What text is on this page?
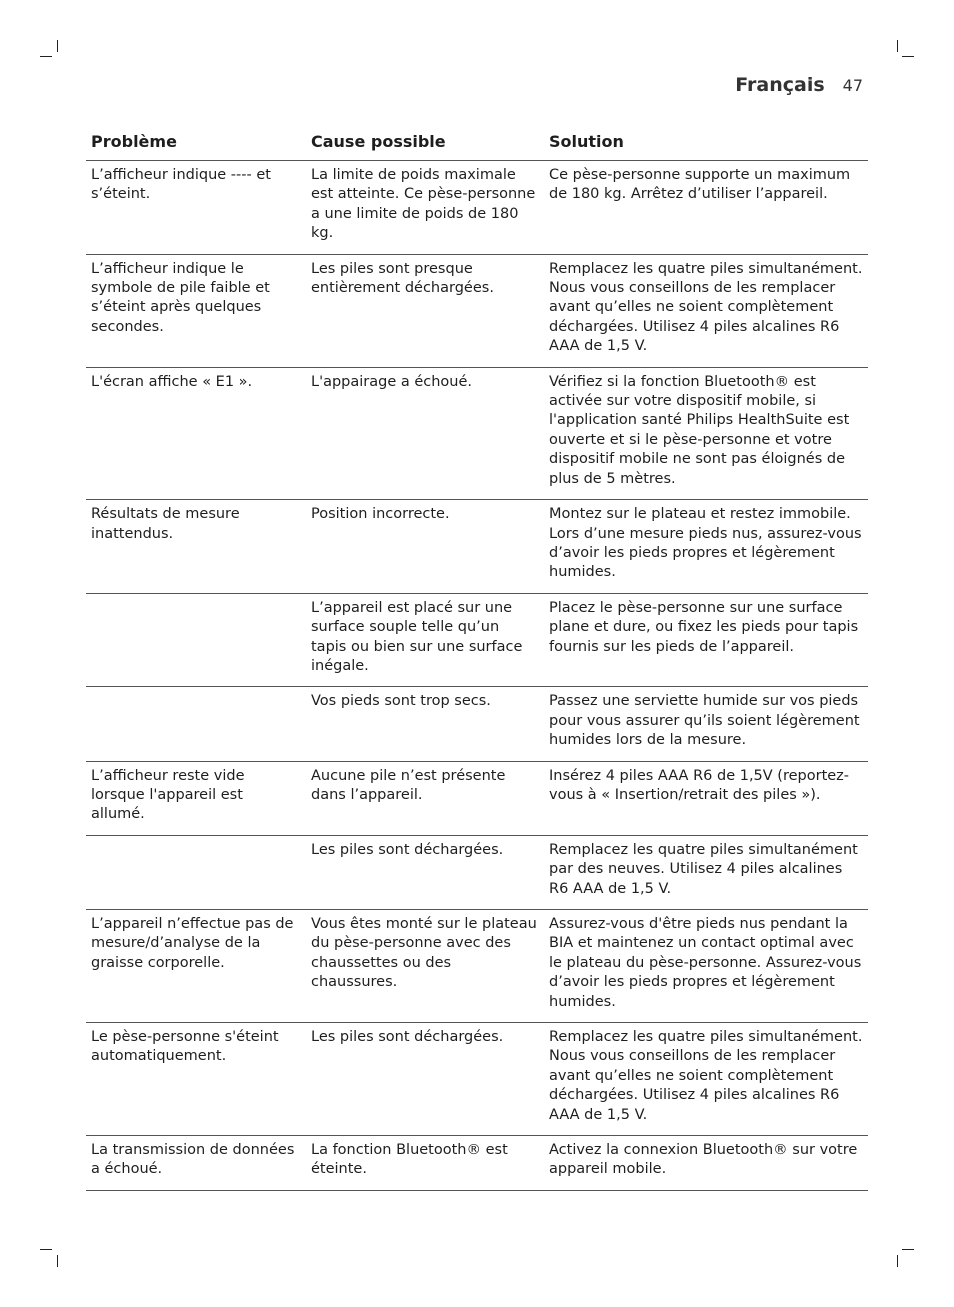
Français 47
Problème	Cause possible	Solution
L’afficheur indique ---- et s’éteint.	La limite de poids maximale est atteinte. Ce pèse-personne a une limite de poids de 180 kg.	Ce pèse-personne supporte un maximum de 180 kg. Arrêtez d’utiliser l’appareil.
L’afficheur indique le symbole de pile faible et s’éteint après quelques secondes.	Les piles sont presque entièrement déchargées.	Remplacez les quatre piles simultanément. Nous vous conseillons de les remplacer avant qu’elles ne soient complètement déchargées. Utilisez 4 piles alcalines R6 AAA de 1,5 V.
L'écran affiche « E1 ».	L'appairage a échoué.	Vérifiez si la fonction Bluetooth® est activée sur votre dispositif mobile, si l'application santé Philips HealthSuite est ouverte et si le pèse-personne et votre dispositif mobile ne sont pas éloignés de plus de 5 mètres.
Résultats de mesure inattendus.	Position incorrecte.	Montez sur le plateau et restez immobile. Lors d’une mesure pieds nus, assurez-vous d’avoir les pieds propres et légèrement humides.
	L’appareil est placé sur une surface souple telle qu’un tapis ou bien sur une surface inégale.	Placez le pèse-personne sur une surface plane et dure, ou fixez les pieds pour tapis fournis sur les pieds de l’appareil.
	Vos pieds sont trop secs.	Passez une serviette humide sur vos pieds pour vous assurer qu’ils soient légèrement humides lors de la mesure.
L’afficheur reste vide lorsque l'appareil est allumé.	Aucune pile n’est présente dans l’appareil.	Insérez 4 piles AAA R6 de 1,5V (reportez-vous à « Insertion/retrait des piles »).
	Les piles sont déchargées.	Remplacez les quatre piles simultanément par des neuves. Utilisez 4 piles alcalines R6 AAA de 1,5 V.
L’appareil n’effectue pas de mesure/d’analyse de la graisse corporelle.	Vous êtes monté sur le plateau du pèse-personne avec des chaussettes ou des chaussures.	Assurez-vous d'être pieds nus pendant la BIA et maintenez un contact optimal avec le plateau du pèse-personne. Assurez-vous d’avoir les pieds propres et légèrement humides.
Le pèse-personne s'éteint automatiquement.	Les piles sont déchargées.	Remplacez les quatre piles simultanément. Nous vous conseillons de les remplacer avant qu’elles ne soient complètement déchargées. Utilisez 4 piles alcalines R6 AAA de 1,5 V.
La transmission de données a échoué.	La fonction Bluetooth® est éteinte.	Activez la connexion Bluetooth® sur votre appareil mobile.
